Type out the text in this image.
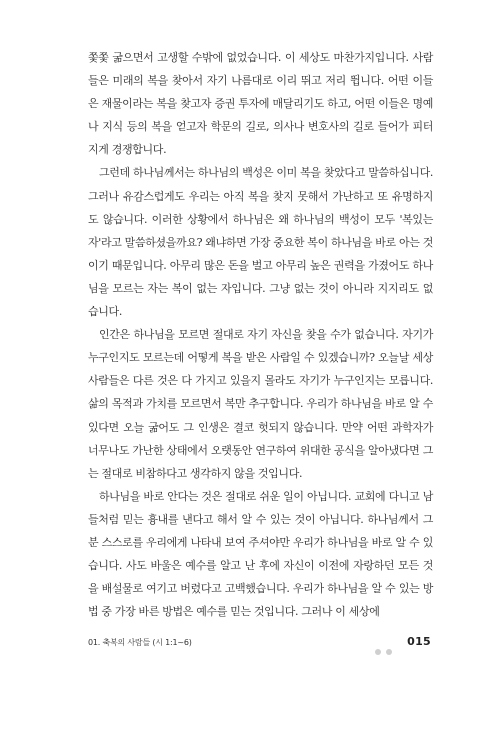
쫓쫓 굶으면서 고생할 수밖에 없었습니다. 이 세상도 마찬가지입니다. 사람들은 미래의 복을 찾아서 자기 나름대로 이리 뛰고 저리 뜁니다. 어떤 이들은 재물이라는 복을 찾고자 증권 투자에 매달리기도 하고, 어떤 이들은 명예나 지식 등의 복을 얻고자 학문의 길로, 의사나 변호사의 길로 들어가 피터지게 경쟁합니다.

그런데 하나님께서는 하나님의 백성은 이미 복을 찾았다고 말씀하십니다. 그러나 유감스럽게도 우리는 아직 복을 찾지 못해서 가난하고 또 유명하지도 않습니다. 이러한 상황에서 하나님은 왜 하나님의 백성이 모두 '복있는 자'라고 말씀하셨을까요? 왜냐하면 가장 중요한 복이 하나님을 바로 아는 것이기 때문입니다. 아무리 많은 돈을 벌고 아무리 높은 권력을 가졌어도 하나님을 모르는 자는 복이 없는 자입니다. 그냥 없는 것이 아니라 지지리도 없습니다.

인간은 하나님을 모르면 절대로 자기 자신을 찾을 수가 없습니다. 자기가 누구인지도 모르는데 어떻게 복을 받은 사람일 수 있겠습니까? 오늘날 세상 사람들은 다른 것은 다 가지고 있을지 몰라도 자기가 누구인지는 모릅니다. 삶의 목적과 가치를 모르면서 복만 추구합니다. 우리가 하나님을 바로 알 수 있다면 오늘 굶어도 그 인생은 결코 헛되지 않습니다. 만약 어떤 과학자가 너무나도 가난한 상태에서 오랫동안 연구하여 위대한 공식을 알아냈다면 그는 절대로 비참하다고 생각하지 않을 것입니다.

하나님을 바로 안다는 것은 절대로 쉬운 일이 아닙니다. 교회에 다니고 남들처럼 믿는 흉내를 낸다고 해서 알 수 있는 것이 아닙니다. 하나님께서 그분 스스로를 우리에게 나타내 보여 주셔야만 우리가 하나님을 바로 알 수 있습니다. 사도 바울은 예수를 알고 난 후에 자신이 이전에 자랑하던 모든 것을 배설물로 여기고 버렸다고 고백했습니다. 우리가 하나님을 알 수 있는 방법 중 가장 바른 방법은 예수를 믿는 것입니다. 그러나 이 세상에

01. 축복의 사람들 (시 1:1~6)	015
